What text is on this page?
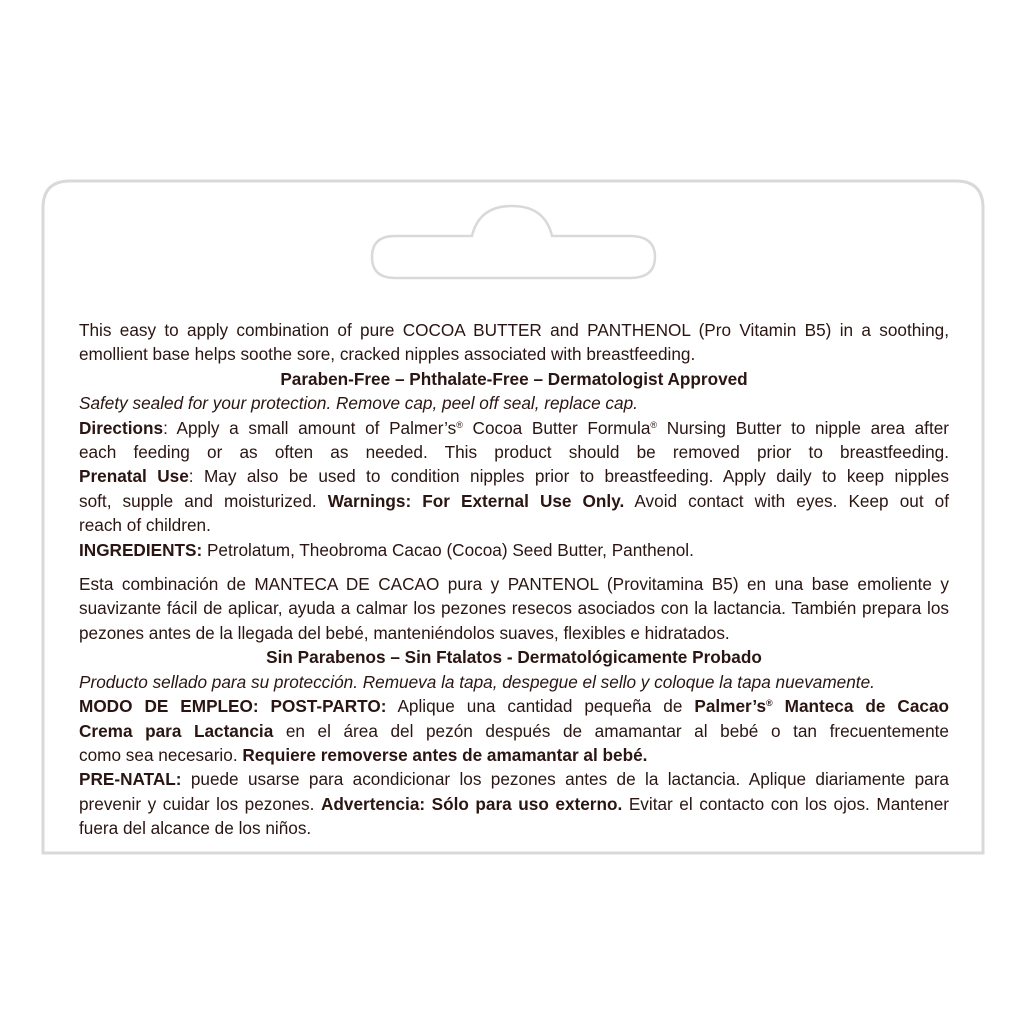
This easy to apply combination of pure COCOA BUTTER and PANTHENOL (Pro Vitamin B5) in a soothing,

emollient base helps soothe sore, cracked nipples associated with breastfeeding.

Paraben-Free – Phthalate-Free – Dermatologist Approved

Safety sealed for your protection. Remove cap, peel off seal, replace cap.

Directions: Apply a small amount of Palmer’s® Cocoa Butter Formula® Nursing Butter to nipple area after

each feeding or as often as needed. This product should be removed prior to breastfeeding.

Prenatal Use: May also be used to condition nipples prior to breastfeeding. Apply daily to keep nipples

soft, supple and moisturized. Warnings: For External Use Only. Avoid contact with eyes. Keep out of

reach of children.

INGREDIENTS: Petrolatum, Theobroma Cacao (Cocoa) Seed Butter, Panthenol.

Esta combinación de MANTECA DE CACAO pura y PANTENOL (Provitamina B5) en una base emoliente y

suavizante fácil de aplicar, ayuda a calmar los pezones resecos asociados con la lactancia. También prepara los

pezones antes de la llegada del bebé, manteniéndolos suaves, flexibles e hidratados.

Sin Parabenos – Sin Ftalatos - Dermatológicamente Probado

Producto sellado para su protección. Remueva la tapa, despegue el sello y coloque la tapa nuevamente.

MODO DE EMPLEO: POST-PARTO: Aplique una cantidad pequeña de Palmer’s® Manteca de Cacao

Crema para Lactancia en el área del pezón después de amamantar al bebé o tan frecuentemente

como sea necesario. Requiere removerse antes de amamantar al bebé.

PRE-NATAL: puede usarse para acondicionar los pezones antes de la lactancia. Aplique diariamente para

prevenir y cuidar los pezones. Advertencia: Sólo para uso externo. Evitar el contacto con los ojos. Mantener

fuera del alcance de los niños.
